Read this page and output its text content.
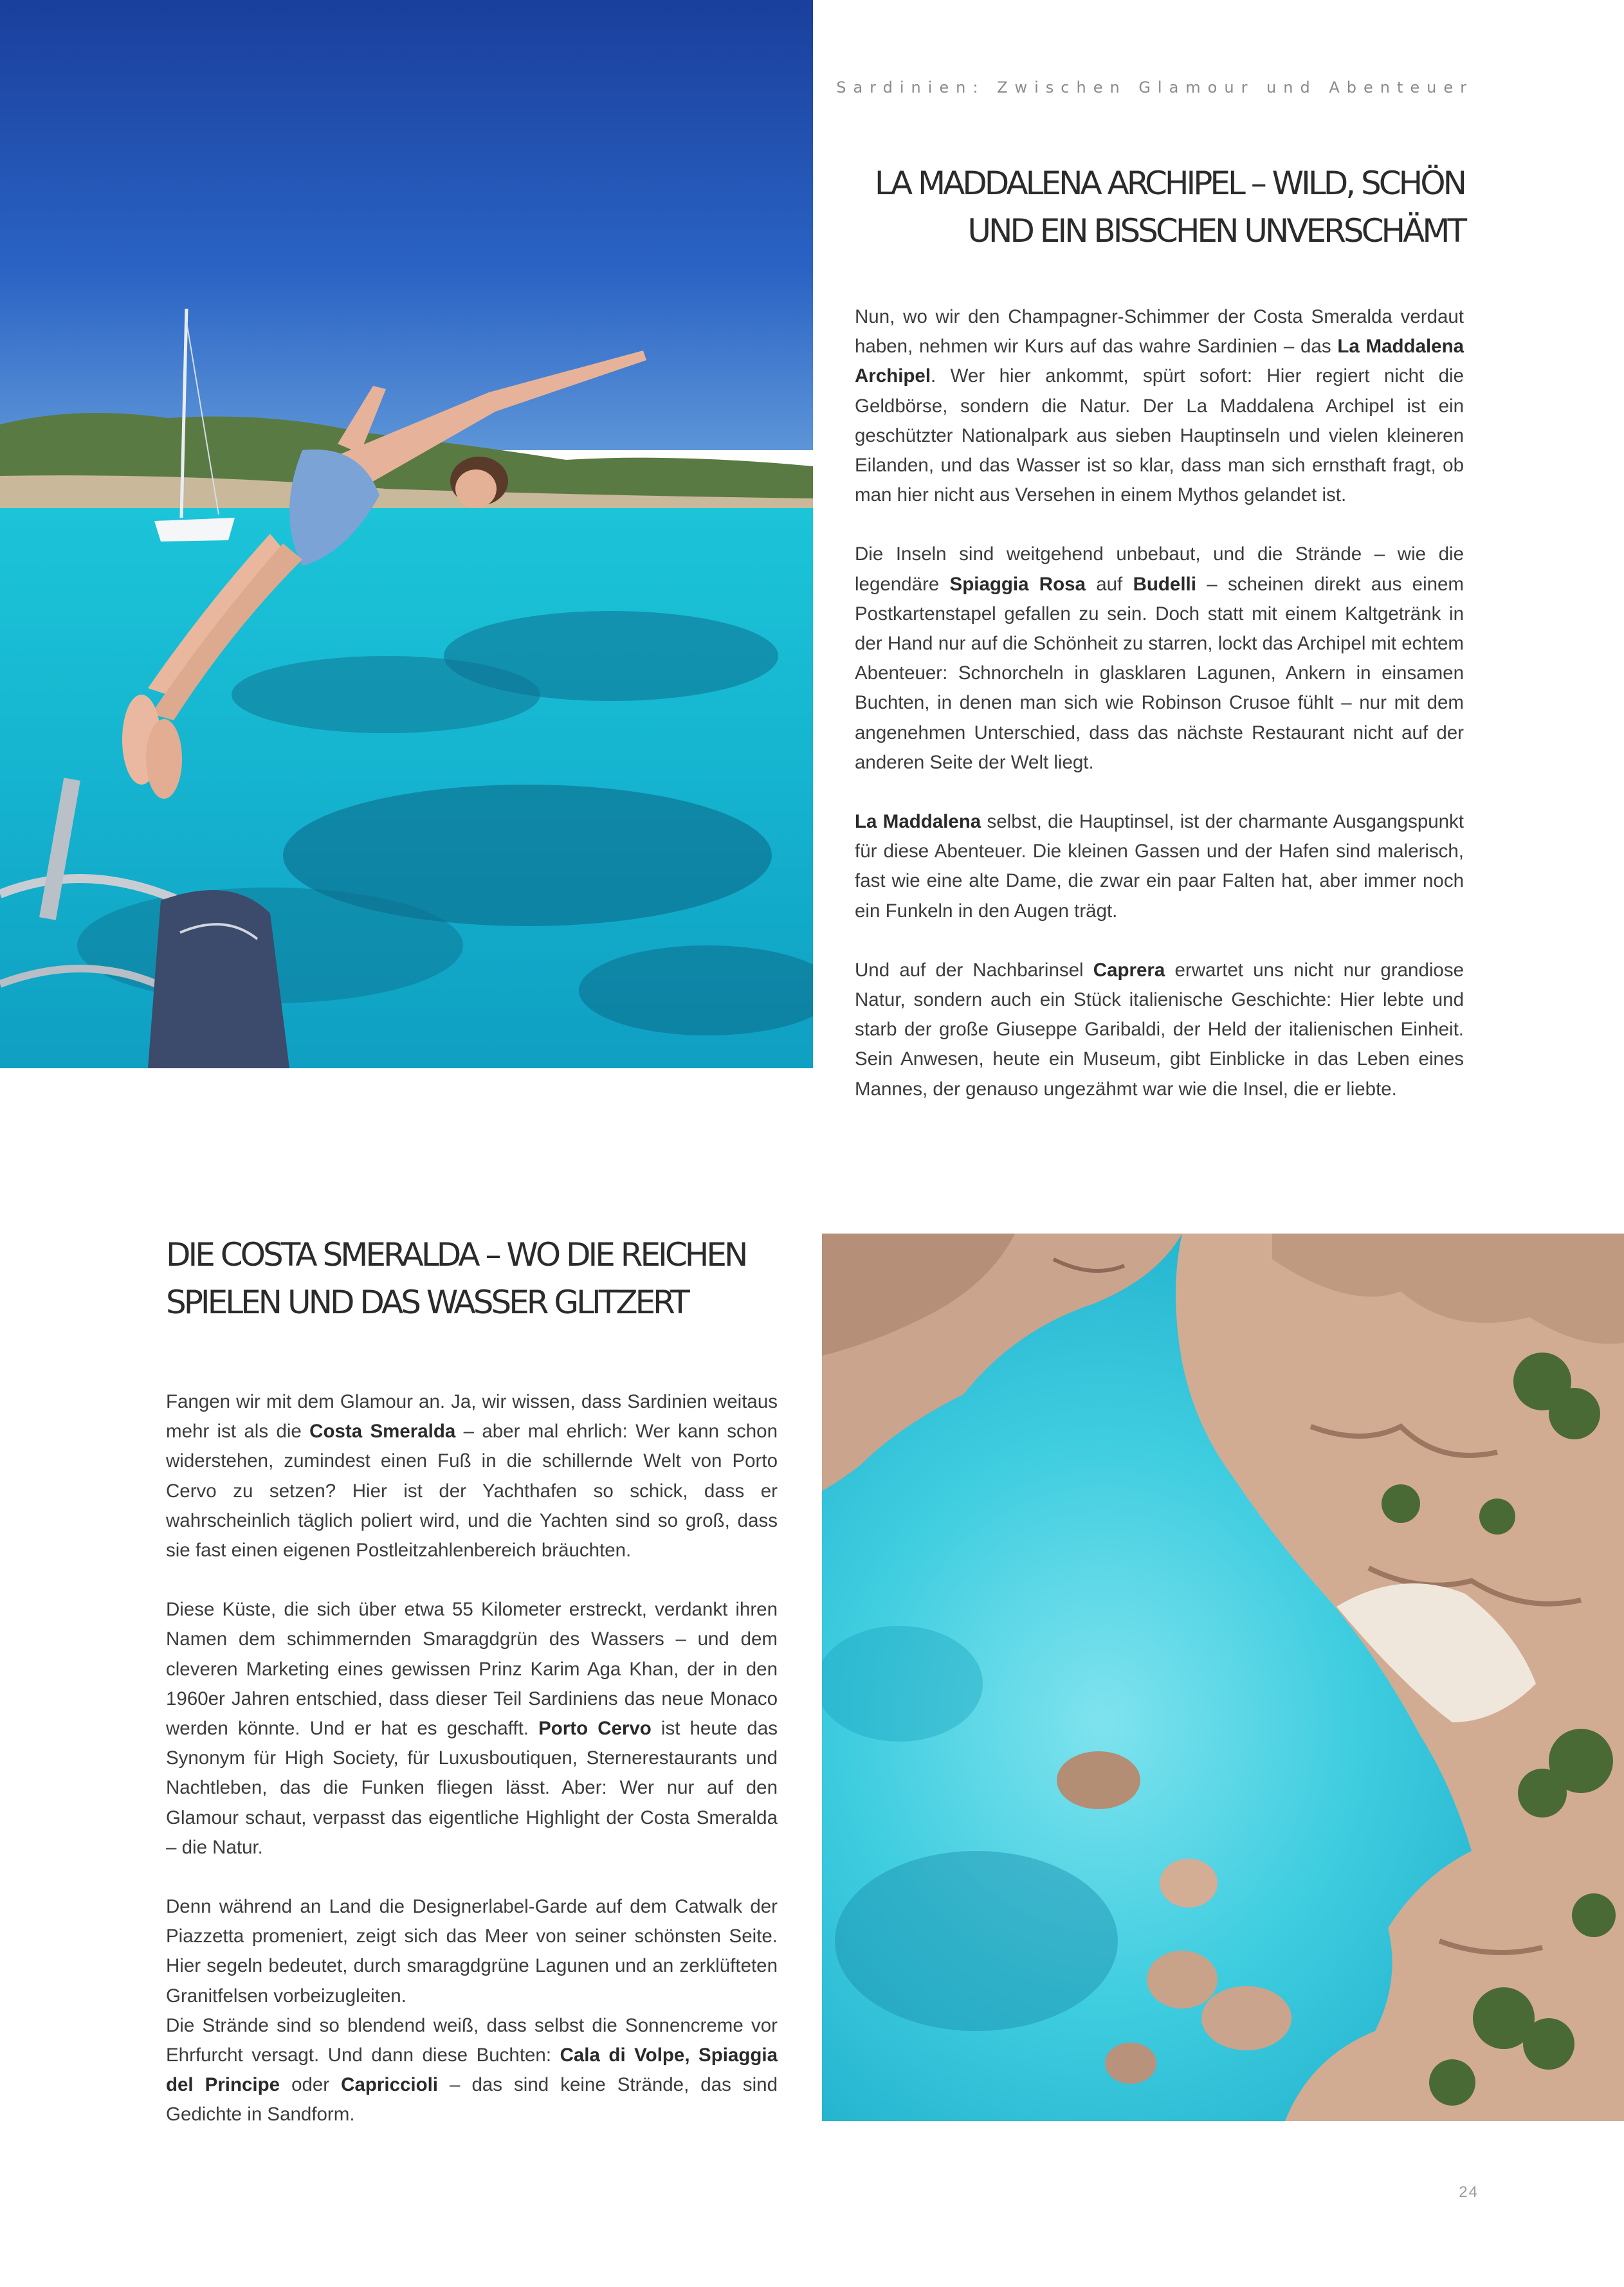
Sardinien: Zwischen Glamour und Abenteuer
LA MADDALENA ARCHIPEL – WILD, SCHÖN
UND EIN BISSCHEN UNVERSCHÄMT

Nun, wo wir den Champagner-Schimmer der Costa Smeralda verdaut haben, nehmen wir Kurs auf das wahre Sardinien – das La Maddalena Archipel. Wer hier ankommt, spürt sofort: Hier regiert nicht die Geldbörse, sondern die Natur. Der La Maddalena Archipel ist ein geschützter Nationalpark aus sieben Hauptinseln und vielen kleineren Eilanden, und das Wasser ist so klar, dass man sich ernsthaft fragt, ob man hier nicht aus Versehen in einem Mythos gelandet ist.

Die Inseln sind weitgehend unbebaut, und die Strände – wie die legendäre Spiaggia Rosa auf Budelli – scheinen direkt aus einem Postkartenstapel gefallen zu sein. Doch statt mit einem Kaltgetränk in der Hand nur auf die Schönheit zu starren, lockt das Archipel mit echtem Abenteuer: Schnorcheln in glasklaren Lagunen, Ankern in einsamen Buchten, in denen man sich wie Robinson Crusoe fühlt – nur mit dem angenehmen Unterschied, dass das nächste Restaurant nicht auf der anderen Seite der Welt liegt.

La Maddalena selbst, die Hauptinsel, ist der charmante Ausgangspunkt für diese Abenteuer. Die kleinen Gassen und der Hafen sind malerisch, fast wie eine alte Dame, die zwar ein paar Falten hat, aber immer noch ein Funkeln in den Augen trägt.

Und auf der Nachbarinsel Caprera erwartet uns nicht nur grandiose Natur, sondern auch ein Stück italienische Geschichte: Hier lebte und starb der große Giuseppe Garibaldi, der Held der italienischen Einheit. Sein Anwesen, heute ein Museum, gibt Einblicke in das Leben eines Mannes, der genauso ungezähmt war wie die Insel, die er liebte.

DIE COSTA SMERALDA – WO DIE REICHEN
SPIELEN UND DAS WASSER GLITZERT

Fangen wir mit dem Glamour an. Ja, wir wissen, dass Sardinien weitaus mehr ist als die Costa Smeralda – aber mal ehrlich: Wer kann schon widerstehen, zumindest einen Fuß in die schillernde Welt von Porto Cervo zu setzen? Hier ist der Yachthafen so schick, dass er wahrscheinlich täglich poliert wird, und die Yachten sind so groß, dass sie fast einen eigenen Postleitzahlenbereich bräuchten.

Diese Küste, die sich über etwa 55 Kilometer erstreckt, verdankt ihren Namen dem schimmernden Smaragdgrün des Wassers – und dem cleveren Marketing eines gewissen Prinz Karim Aga Khan, der in den 1960er Jahren entschied, dass dieser Teil Sardiniens das neue Monaco werden könnte. Und er hat es geschafft. Porto Cervo ist heute das Synonym für High Society, für Luxusboutiquen, Sternerestaurants und Nachtleben, das die Funken fliegen lässt. Aber: Wer nur auf den Glamour schaut, verpasst das eigentliche Highlight der Costa Smeralda – die Natur.

Denn während an Land die Designerlabel-Garde auf dem Catwalk der Piazzetta promeniert, zeigt sich das Meer von seiner schönsten Seite. Hier segeln bedeutet, durch smaragdgrüne Lagunen und an zerklüfteten Granitfelsen vorbeizugleiten.

Die Strände sind so blendend weiß, dass selbst die Sonnencreme vor Ehrfurcht versagt. Und dann diese Buchten: Cala di Volpe, Spiaggia del Principe oder Capriccioli – das sind keine Strände, das sind Gedichte in Sandform.

24
